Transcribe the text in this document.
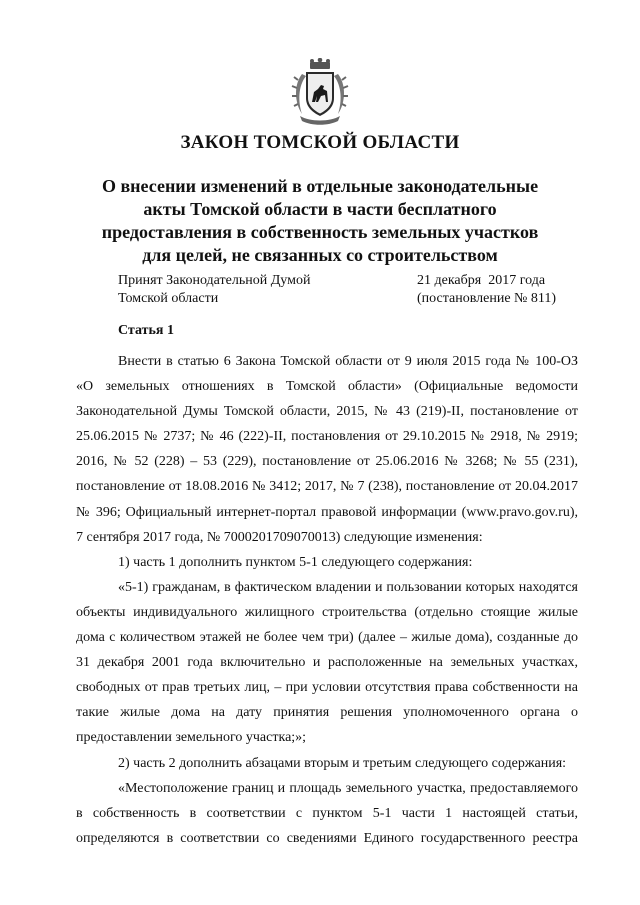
ЗАКОН ТОМСКОЙ ОБЛАСТИ
О внесении изменений в отдельные законодательные
акты Томской области в части бесплатного
предоставления в собственность земельных участков
для целей, не связанных со строительством
Принят Законодательной Думой
Томской области
21 декабря  2017 года
(постановление № 811)
Статья 1
Внести в статью 6 Закона Томской области от 9 июля 2015 года № 100-ОЗ
«О земельных отношениях в Томской области» (Официальные ведомости
Законодательной Думы Томской области, 2015, № 43 (219)-II, постановление от
25.06.2015 № 2737; № 46 (222)-II, постановления от 29.10.2015 № 2918, № 2919;
2016, № 52 (228) – 53 (229), постановление от 25.06.2016 № 3268; № 55 (231),
постановление от 18.08.2016 № 3412; 2017, № 7 (238), постановление от 20.04.2017
№ 396; Официальный интернет-портал правовой информации (www.pravo.gov.ru),
7 сентября 2017 года, № 7000201709070013) следующие изменения:
1) часть 1 дополнить пунктом 5-1 следующего содержания:
«5-1) гражданам, в фактическом владении и пользовании которых находятся
объекты индивидуального жилищного строительства (отдельно стоящие жилые
дома с количеством этажей не более чем три) (далее – жилые дома), созданные до
31 декабря 2001 года включительно и расположенные на земельных участках,
свободных от прав третьих лиц, – при условии отсутствия права собственности на
такие жилые дома на дату принятия решения уполномоченного органа о
предоставлении земельного участка;»;
2) часть 2 дополнить абзацами вторым и третьим следующего содержания:
«Местоположение границ и площадь земельного участка, предоставляемого
в собственность в соответствии с пунктом 5-1 части 1 настоящей статьи,
определяются в соответствии со сведениями Единого государственного реестра
